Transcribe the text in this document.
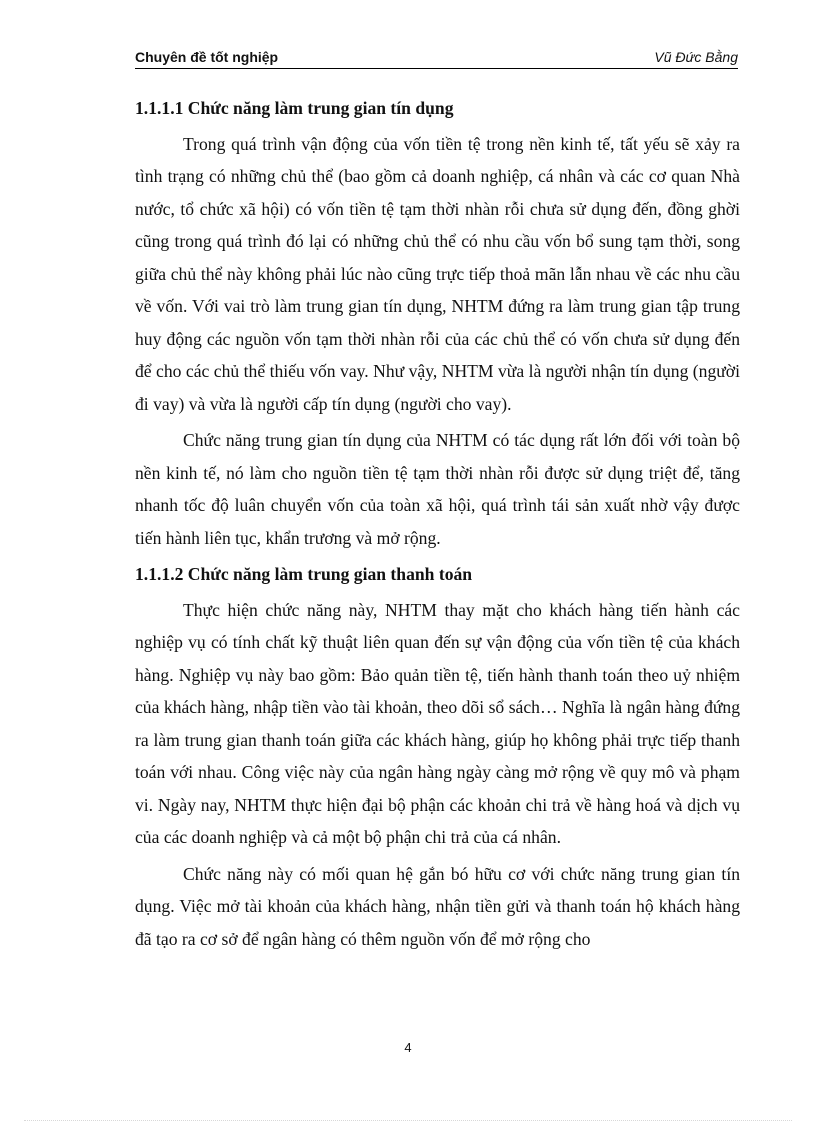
Chuyên đề tốt nghiệp	Vũ Đức Bằng
1.1.1.1 Chức năng làm trung gian tín dụng

Trong quá trình vận động của vốn tiền tệ trong nền kinh tế, tất yếu sẽ xảy ra tình trạng có những chủ thể (bao gồm cả doanh nghiệp, cá nhân và các cơ quan Nhà nước, tổ chức xã hội) có vốn tiền tệ tạm thời nhàn rỗi chưa sử dụng đến, đồng ghời cũng trong quá trình đó lại có những chủ thể có nhu cầu vốn bổ sung tạm thời, song giữa chủ thể này không phải lúc nào cũng trực tiếp thoả mãn lẫn nhau về các nhu cầu về vốn. Với vai trò làm trung gian tín dụng, NHTM đứng ra làm trung gian tập trung huy động các nguồn vốn tạm thời nhàn rỗi của các chủ thể có vốn chưa sử dụng đến để cho các chủ thể thiếu vốn vay. Như vậy, NHTM vừa là người nhận tín dụng (người đi vay) và vừa là người cấp tín dụng (người cho vay).

Chức năng trung gian tín dụng của NHTM có tác dụng rất lớn đối với toàn bộ nền kinh tế, nó làm cho nguồn tiền tệ tạm thời nhàn rỗi được sử dụng triệt để, tăng nhanh tốc độ luân chuyển vốn của toàn xã hội, quá trình tái sản xuất nhờ vậy được tiến hành liên tục, khẩn trương và mở rộng.

1.1.1.2 Chức năng làm trung gian thanh toán

Thực hiện chức năng này, NHTM thay mặt cho khách hàng tiến hành các nghiệp vụ có tính chất kỹ thuật liên quan đến sự vận động của vốn tiền tệ của khách hàng. Nghiệp vụ này bao gồm: Bảo quản tiền tệ, tiến hành thanh toán theo uỷ nhiệm của khách hàng, nhập tiền vào tài khoản, theo dõi sổ sách… Nghĩa là ngân hàng đứng ra làm trung gian thanh toán giữa các khách hàng, giúp họ không phải trực tiếp thanh toán với nhau. Công việc này của ngân hàng ngày càng mở rộng về quy mô và phạm vi. Ngày nay, NHTM thực hiện đại bộ phận các khoản chi trả về hàng hoá và dịch vụ của các doanh nghiệp và cả một bộ phận chi trả của cá nhân.

Chức năng này có mối quan hệ gắn bó hữu cơ với chức năng trung gian tín dụng. Việc mở tài khoản của khách hàng, nhận tiền gửi và thanh toán hộ khách hàng đã tạo ra cơ sở để ngân hàng có thêm nguồn vốn để mở rộng cho

4
